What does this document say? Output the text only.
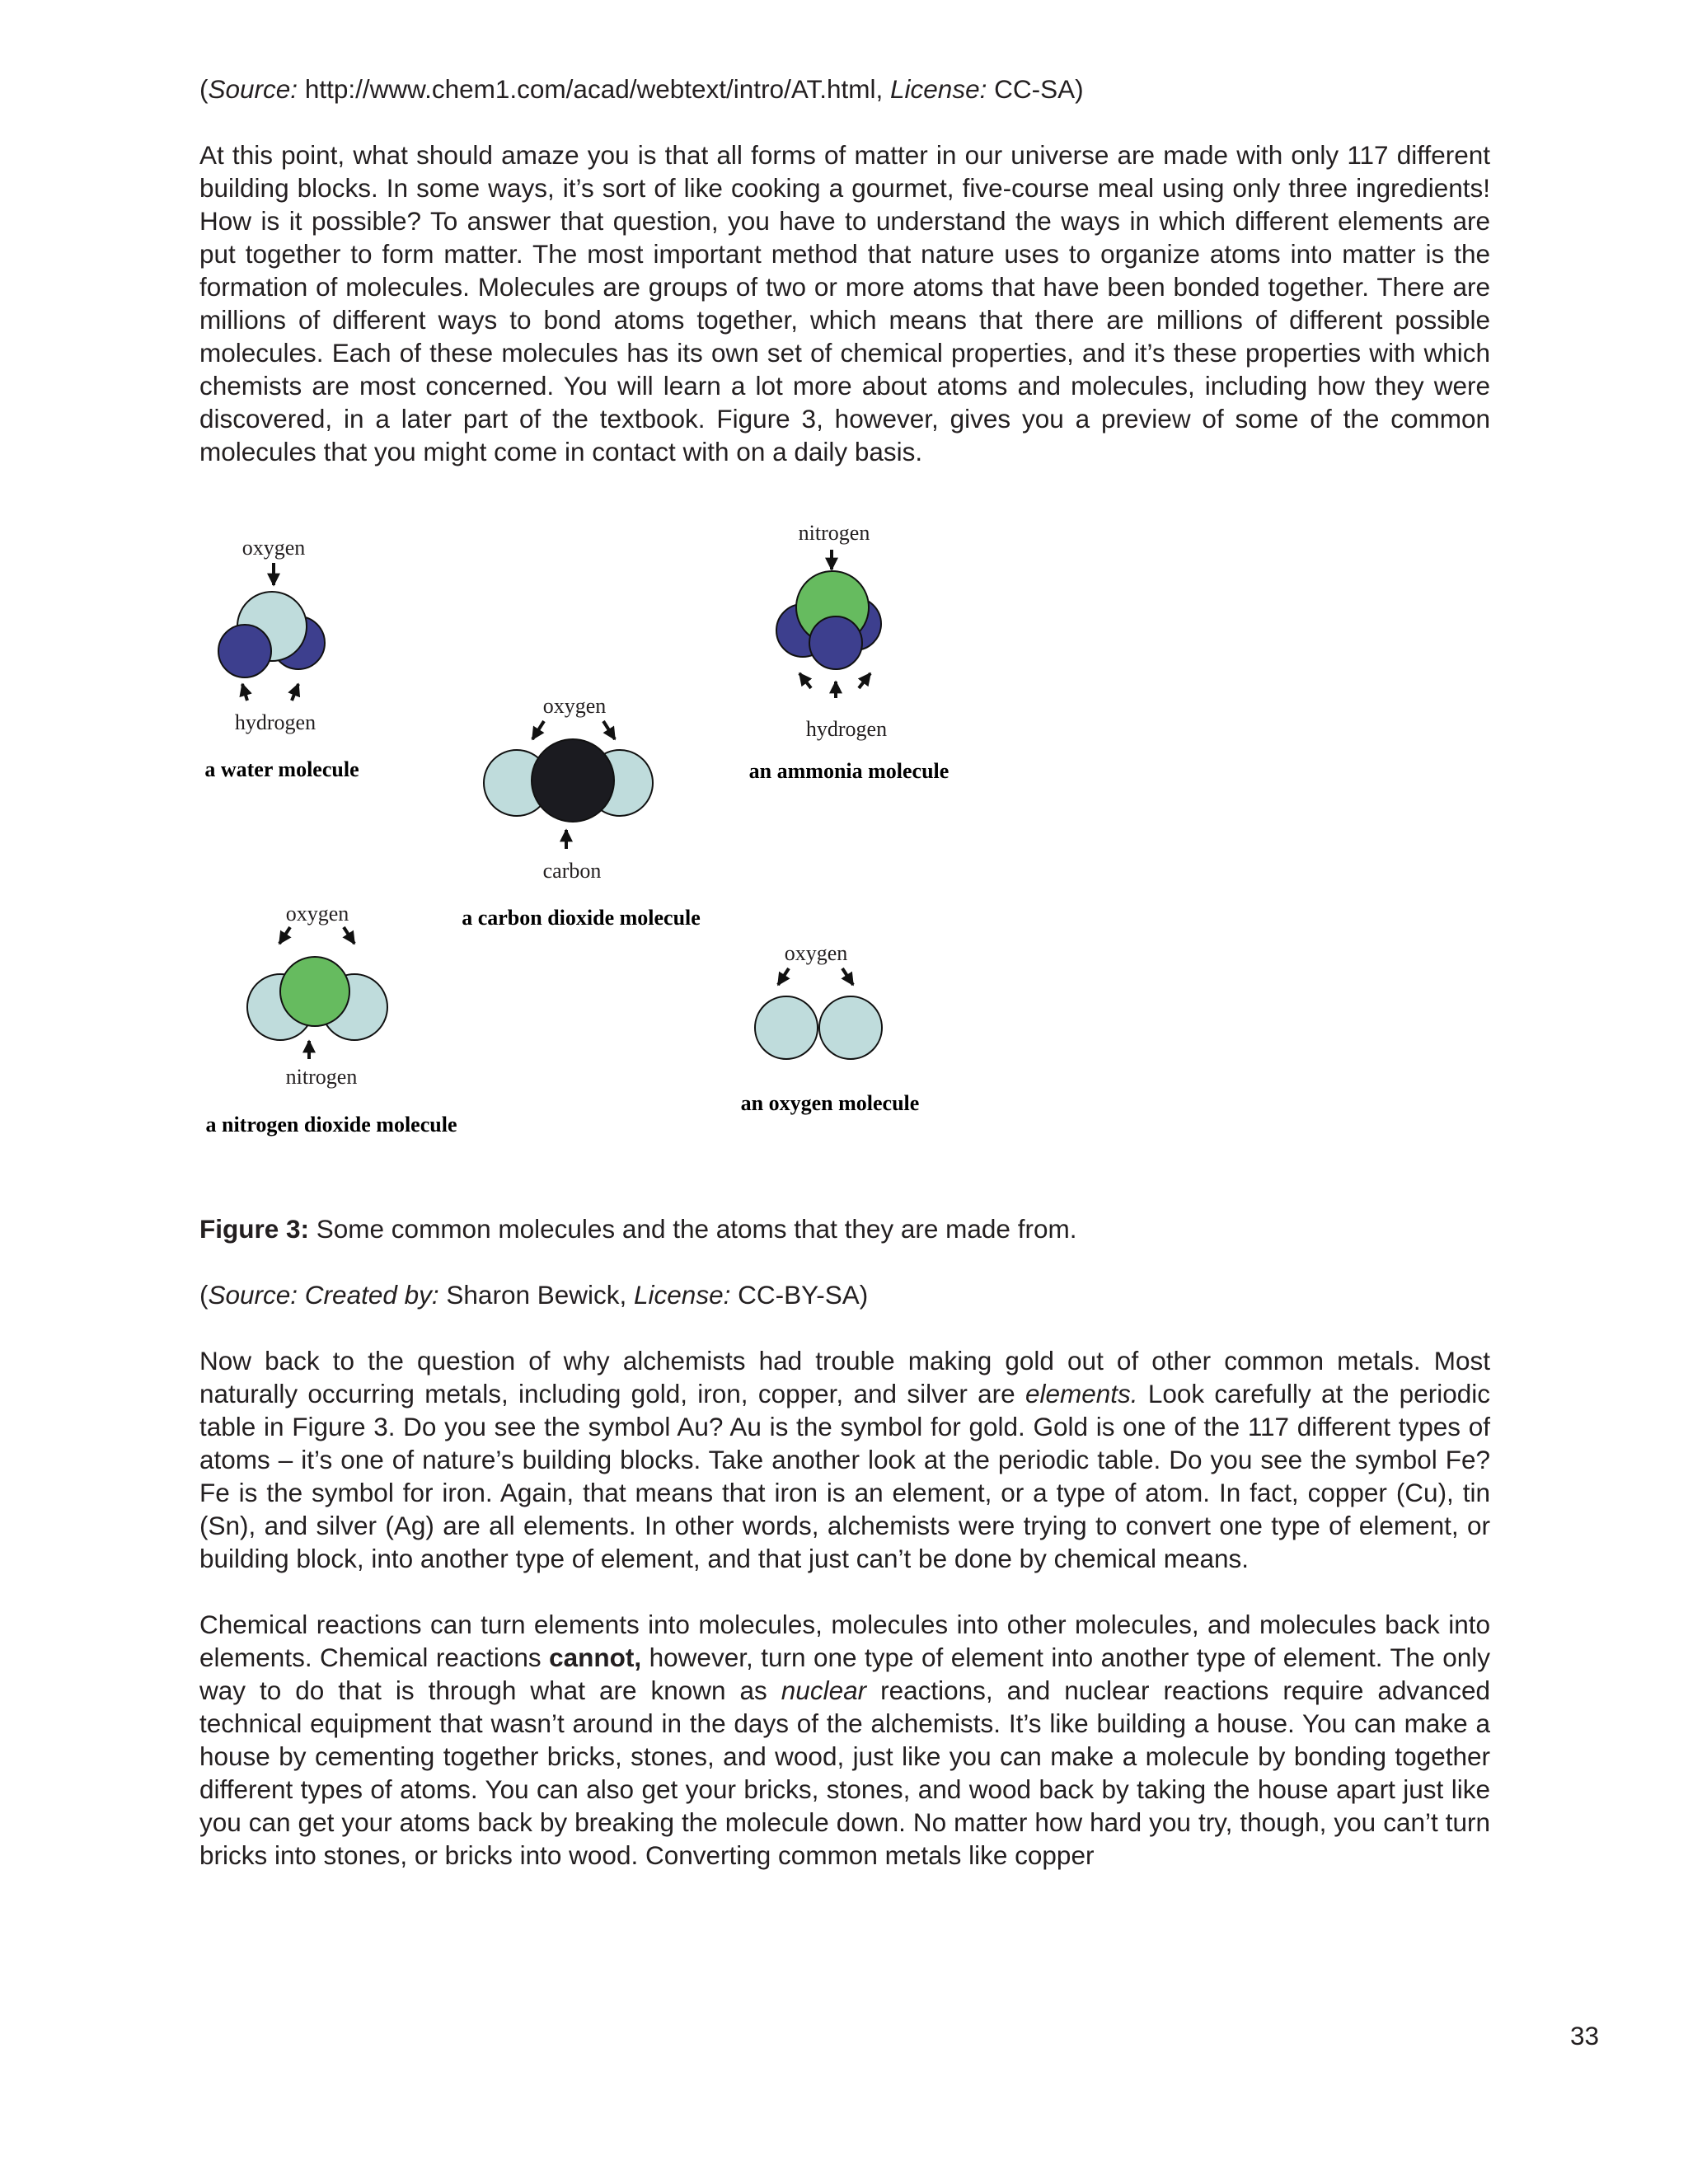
(Source: http://www.chem1.com/acad/webtext/intro/AT.html, License: CC-SA)

At this point, what should amaze you is that all forms of matter in our universe are made with only 117 different building blocks. In some ways, it’s sort of like cooking a gourmet, five-course meal using only three ingredients! How is it possible? To answer that question, you have to understand the ways in which different elements are put together to form matter. The most important method that nature uses to organize atoms into matter is the formation of molecules. Molecules are groups of two or more atoms that have been bonded together. There are millions of different ways to bond atoms together, which means that there are millions of different possible molecules. Each of these molecules has its own set of chemical properties, and it’s these properties with which chemists are most concerned. You will learn a lot more about atoms and molecules, including how they were discovered, in a later part of the textbook. Figure 3, however, gives you a preview of some of the common molecules that you might come in contact with on a daily basis.

oxygen
hydrogen
a water molecule
oxygen
carbon
a carbon dioxide molecule
nitrogen
hydrogen
an ammonia molecule
oxygen
nitrogen
a nitrogen dioxide molecule
oxygen
an oxygen molecule

Figure 3: Some common molecules and the atoms that they are made from.

(Source: Created by: Sharon Bewick, License: CC-BY-SA)

Now back to the question of why alchemists had trouble making gold out of other common metals. Most naturally occurring metals, including gold, iron, copper, and silver are elements. Look carefully at the periodic table in Figure 3. Do you see the symbol Au? Au is the symbol for gold. Gold is one of the 117 different types of atoms – it’s one of nature’s building blocks. Take another look at the periodic table. Do you see the symbol Fe? Fe is the symbol for iron. Again, that means that iron is an element, or a type of atom. In fact, copper (Cu), tin (Sn), and silver (Ag) are all elements. In other words, alchemists were trying to convert one type of element, or building block, into another type of element, and that just can’t be done by chemical means.

Chemical reactions can turn elements into molecules, molecules into other molecules, and molecules back into elements. Chemical reactions cannot, however, turn one type of element into another type of element. The only way to do that is through what are known as nuclear reactions, and nuclear reactions require advanced technical equipment that wasn’t around in the days of the alchemists. It’s like building a house. You can make a house by cementing together bricks, stones, and wood, just like you can make a molecule by bonding together different types of atoms. You can also get your bricks, stones, and wood back by taking the house apart just like you can get your atoms back by breaking the molecule down. No matter how hard you try, though, you can’t turn bricks into stones, or bricks into wood. Converting common metals like copper

33
